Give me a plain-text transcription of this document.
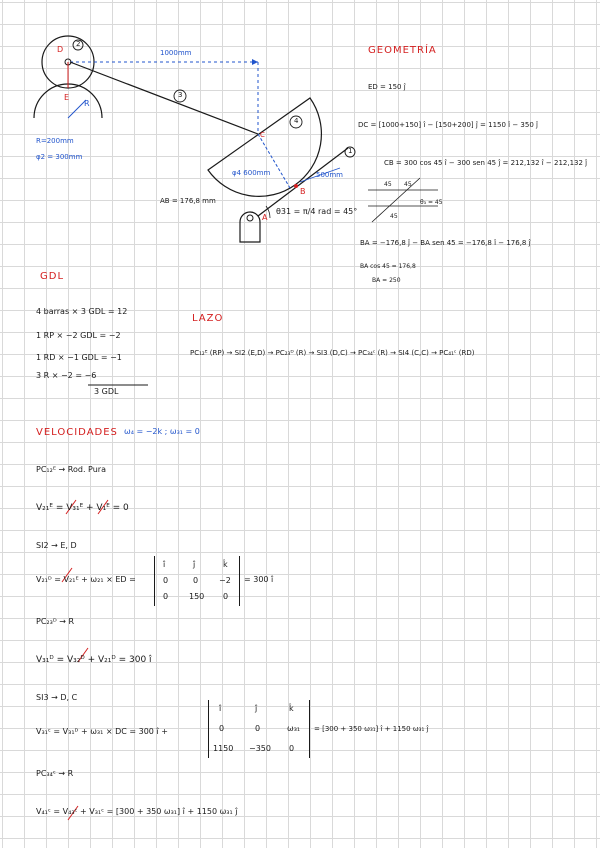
D
E
R
2
1000mm
3
C
4
1
φ4 600mm	500mm
B
A
R=200mm
φ2 = 300mm
AB = 176,8 mm
θ31 = π/4 rad = 45°
GEOMETRÍA
ED = 150 ĵ
DC = [1000+150] î − [150+200] ĵ = 1150 î − 350 ĵ
CB = 300 cos 45 î − 300 sen 45 ĵ = 212,132 î − 212,132 ĵ
45 45
45
θ₃ = 45
BA = −176,8 ĵ − BA sen 45 = −176,8 î − 176,8 ĵ
BA cos 45 = 176,8
BA = 250
GDL
4 barras × 3 GDL = 12
1 RP × −2 GDL = −2
1 RD × −1 GDL = −1
3 R × −2 = −6
3 GDL
LAZO
PC₁₂ᴱ (RP) → SI2 (E,D) → PC₂₃ᴰ (R) → SI3 (D,C) → PC₃₄ᶜ (R) → SI4 (C,C) → PC₄₁ᶜ (RD)
VELOCIDADES ω₄ = −2k ; ω₃₁ = 0
PC₁₂ᴱ → Rod. Pura
V₂₁ᴱ = V₃₁ᴱ + V₁ᴱ = 0
SI2 → E, D
V₂₁ᴰ = V₂₁ᴱ + ω₂₁ × ED =
î	ĵ	k̂
0	0	−2
0	150 0
= 300 î
PC₂₃ᴰ → R
V₃₁ᴰ = V₃₂ᴰ + V₂₁ᴰ = 300 î
SI3 → D, C
V₃₁ᶜ = V₃₁ᴰ + ω₃₁ × DC = 300 î +
î	ĵ	k̂
0	0	ω₃₁
1150 −350 0
= [300 + 350 ω₃₁] î + 1150 ω₃₁ ĵ
PC₃₄ᶜ → R
V₄₁ᶜ = V₄₃ᶜ + V₃₁ᶜ = [300 + 350 ω₃₁] î + 1150 ω₃₁ ĵ
